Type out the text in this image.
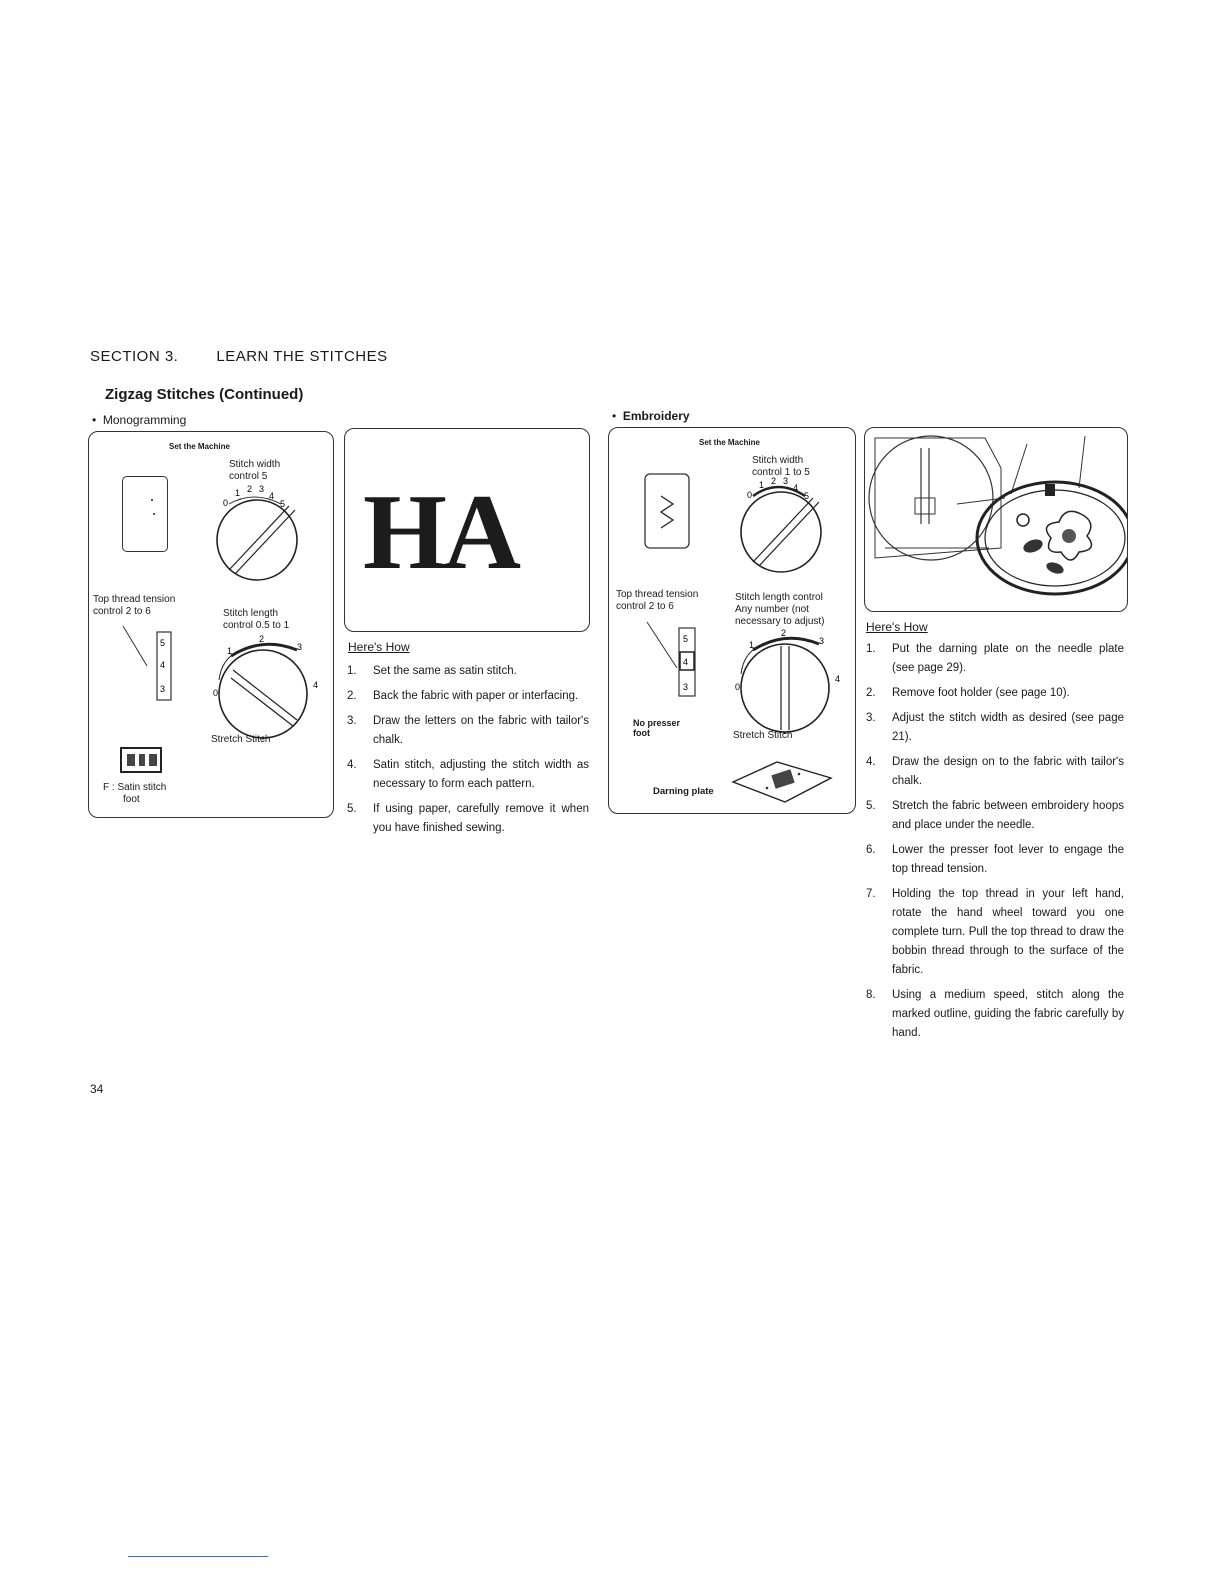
SECTION 3.	LEARN THE STITCHES
Zigzag Stitches (Continued)
•  Monogramming
Set the Machine
Stitch width
control 5
0
1 2 3
4
5
Top thread tension
control 2 to 6	Stitch length
control 0.5 to 1
5
4
3	0
1
2
3
4
Stretch Stitch
F : Satin stitch
foot
HA
Here's How
1.	Set the same as satin stitch.
2.	Back the fabric with paper or interfacing.
3.	Draw the letters on the fabric with tailor's chalk.
4.	Satin stitch, adjusting the stitch width as necessary to form each pattern.
5.	If using paper, carefully remove it when you have finished sewing.
•  Embroidery
Set the Machine
Stitch width
control 1 to 5
0
1 2 3
4
5
Top thread tension
control 2 to 6
Stitch length control
Any number (not
necessary to adjust)
5
4
3
No presser
foot
0
1
2
3
4
Stretch Stitch
Darning plate
Here's How
1.	Put the darning plate on the needle plate (see page 29).
2.	Remove foot holder (see page 10).
3.	Adjust the stitch width as desired (see page 21).
4.	Draw the design on to the fabric with tailor's chalk.
5.	Stretch the fabric between embroidery hoops and place under the needle.
6.	Lower the presser foot lever to engage the top thread tension.
7.	Holding the top thread in your left hand, rotate the hand wheel toward you one complete turn. Pull the top thread to draw the bobbin thread through to the surface of the fabric.
8.	Using a medium speed, stitch along the marked outline, guiding the fabric carefully by hand.
34
